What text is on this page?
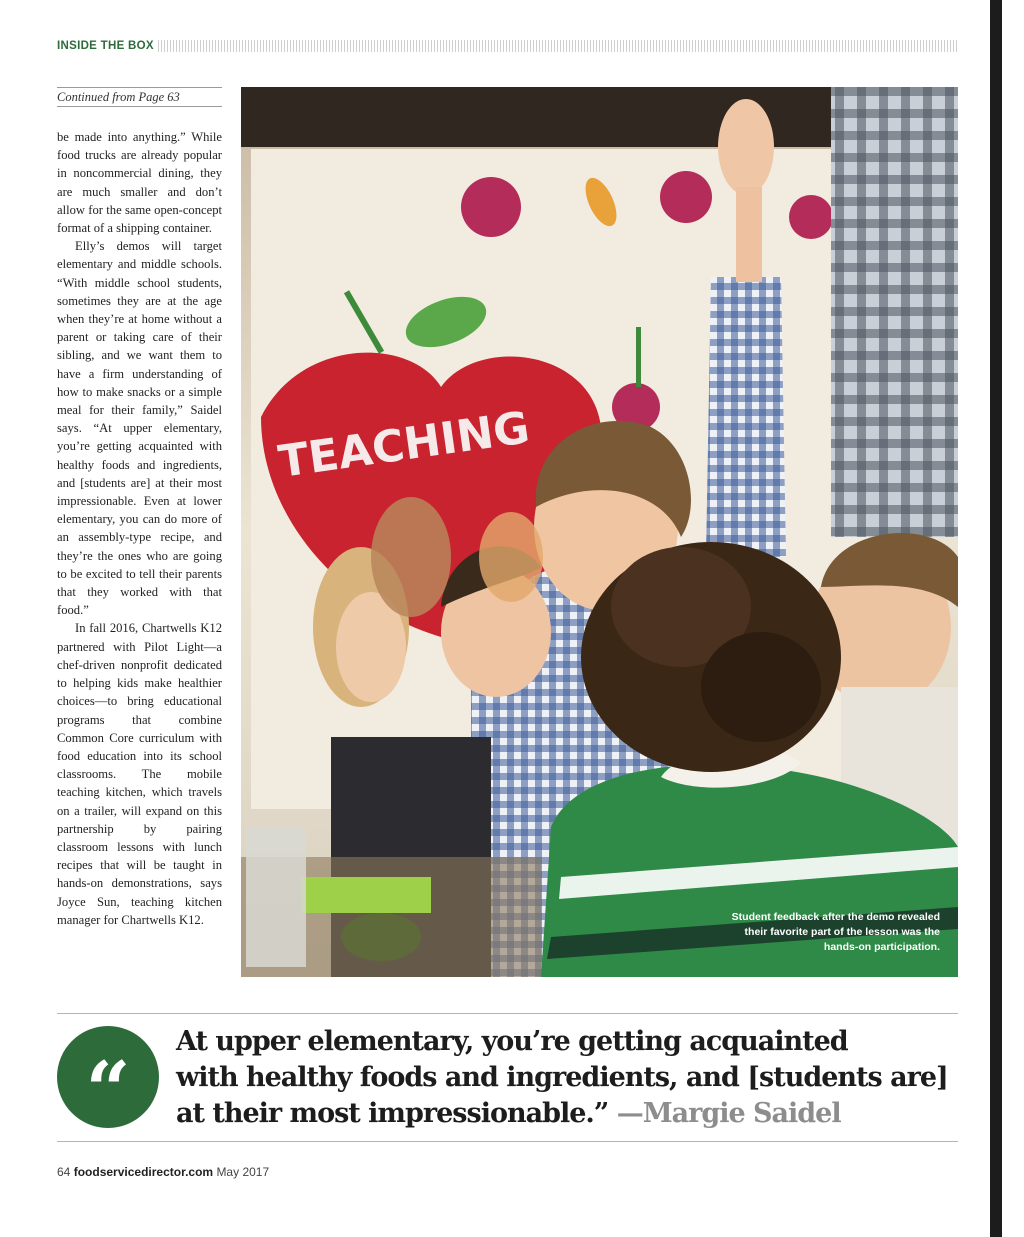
INSIDE THE BOX
Continued from Page 63

be made into anything.” While food trucks are already popular in noncommercial dining, they are much smaller and don’t allow for the same open-concept format of a shipping container.

Elly’s demos will target elementary and middle schools. “With middle school students, sometimes they are at the age when they’re at home without a parent or taking care of their sibling, and we want them to have a firm understanding of how to make snacks or a simple meal for their family,” Saidel says. “At upper elementary, you’re getting acquainted with healthy foods and ingredients, and [students are] at their most impressionable. Even at lower elementary, you can do more of an assembly-type recipe, and they’re the ones who are going to be excited to tell their parents that they worked with that food.”

In fall 2016, Chartwells K12 partnered with Pilot Light—a chef-driven nonprofit dedicated to helping kids make healthier choices—to bring educational programs that combine Common Core curriculum with food education into its school classrooms. The mobile teaching kitchen, which travels on a trailer, will expand on this partnership by pairing classroom lessons with lunch recipes that will be taught in hands-on demonstrations, says Joyce Sun, teaching kitchen manager for Chartwells K12.

TEACHING
Student feedback after the demo revealed their favorite part of the lesson was the hands-on participation.
“
At upper elementary, you’re getting acquainted
with healthy foods and ingredients, and [students are]
at their most impressionable.” —Margie Saidel
64 foodservicedirector.com May 2017
